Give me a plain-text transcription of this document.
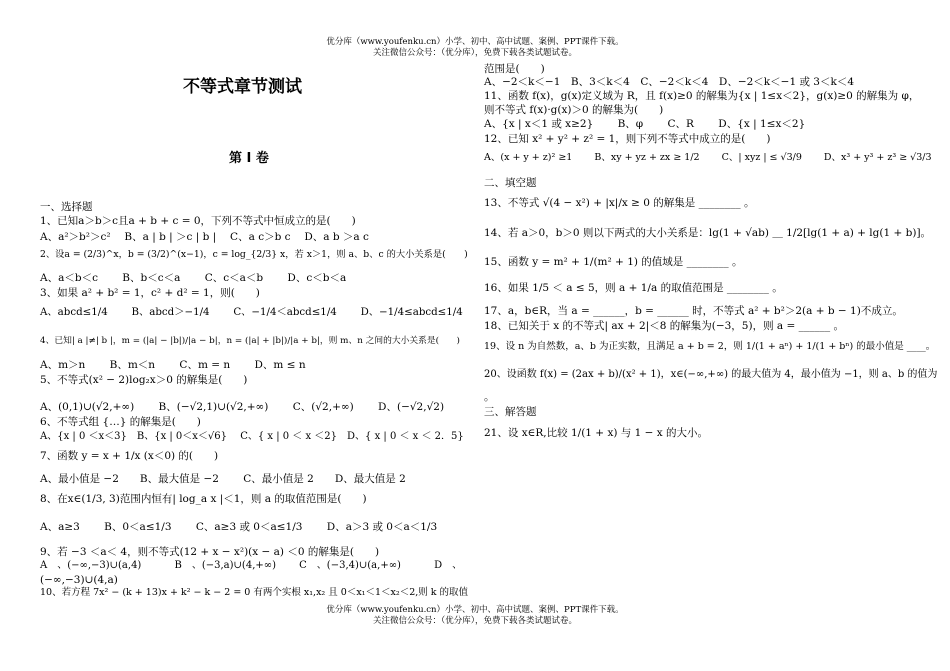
优分库（www.youfenku.cn）小学、初中、高中试题、案例、PPT课件下载。
关注微信公众号：（优分库），免费下载各类试题试卷。
不等式章节测试
第 I 卷
一、选择题
1、已知a＞b＞c且a + b + c = 0，下列不等式中恒成立的是(　　)
A、a²＞b²＞c²　 B、a | b | ＞c | b |　 C、a c＞b c　 D、a b ＞a c
2、设a = (2/3)^x，b = (3/2)^(x−1)，c = log_{2/3} x，若 x＞1，则 a、b、c 的大小关系是(　　)
A、a＜b＜c　　 B、b＜c＜a　　 C、c＜a＜b　　 D、c＜b＜a
3、如果 a² + b² = 1，c² + d² = 1，则(　　)
A、abcd≤1/4　　 B、abcd＞−1/4　　 C、−1/4＜abcd≤1/4　　 D、−1/4≤abcd≤1/4
4、已知| a |≠| b |，m = (|a| − |b|)/|a − b|，n = (|a| + |b|)/|a + b|，则 m、n 之间的大小关系是(　　)
A、m＞n　　 B、m＜n　　 C、m = n　　 D、m ≤ n
5、不等式(x² − 2)log₂x＞0 的解集是(　　)
A、(0,1)∪(√2,+∞)　　 B、(−√2,1)∪(√2,+∞)　　 C、(√2,+∞)　　 D、(−√2,√2)
6、不等式组 {…} 的解集是(　　)
A、{x | 0 ＜x＜3}　B、{x | 0＜x＜√6}　 C、{ x | 0 ＜ x ＜2}　D、{ x | 0 ＜ x ＜ 2．5}
7、函数 y = x + 1/x (x＜0) 的(　　)
A、最小值是 −2　　B、最大值是 −2　　 C、最小值是 2　　D、最大值是 2
8、在x∈(1/3, 3)范围内恒有| log_a x |＜1，则 a 的取值范围是(　　)
A、a≥3　　 B、0＜a≤1/3　　 C、a≥3 或 0＜a≤1/3　　 D、a＞3 或 0＜a＜1/3
9、若 −3 ＜a＜ 4，则不等式(12 + x − x²)(x − a) ＜0 的解集是(　　)
A　、(−∞,−3)∪(a,4)　　　 B　、(−3,a)∪(4,+∞)　　 C　、(−3,4)∪(a,+∞)　　　 D　、
(−∞,−3)∪(4,a)
10、若方程 7x² − (k + 13)x + k² − k − 2 = 0 有两个实根 x₁,x₂ 且 0＜x₁＜1＜x₂＜2,则 k 的取值
范围是(　　)
A、−2＜k＜−1　B、3＜k＜4　C、−2＜k＜4　D、−2＜k＜−1 或 3＜k＜4
11、函数 f(x)，g(x)定义域为 R，且 f(x)≥0 的解集为{x | 1≤x＜2}，g(x)≥0 的解集为 φ，
则不等式 f(x)·g(x)＞0 的解集为(　　)
A、{x | x＜1 或 x≥2}　　 B、φ　　 C、R　　 D、{x | 1≤x＜2}
12、已知 x² + y² + z² = 1，则下列不等式中成立的是(　　)
A、(x + y + z)² ≥1　　 B、xy + yz + zx ≥ 1/2　　 C、| xyz | ≤ √3/9　　 D、x³ + y³ + z³ ≥ √3/3
二、填空题
13、不等式 √(4 − x²) + |x|/x ≥ 0 的解集是 ________ 。
14、若 a＞0，b＞0 则以下两式的大小关系是：lg(1 + √ab) ＿ 1/2[lg(1 + a) + lg(1 + b)]。
15、函数 y = m² + 1/(m² + 1) 的值域是 ________ 。
16、如果 1/5 ＜ a ≤ 5，则 a + 1/a 的取值范围是 ________ 。
17、a，b∈R，当 a = ______，b = ______ 时，不等式 a² + b²＞2(a + b − 1)不成立。
18、已知关于 x 的不等式| ax + 2|＜8 的解集为(−3，5)，则 a = ______ 。
19、设 n 为自然数，a、b 为正实数，且满足 a + b = 2，则 1/(1 + aⁿ) + 1/(1 + bⁿ) 的最小值是 ____。
20、设函数 f(x) = (2ax + b)/(x² + 1)，x∈(−∞,+∞) 的最大值为 4，最小值为 −1，则 a、b 的值为
。
三、解答题
21、设 x∈R,比较 1/(1 + x) 与 1 − x 的大小。
优分库（www.youfenku.cn）小学、初中、高中试题、案例、PPT课件下载。
关注微信公众号：（优分库），免费下载各类试题试卷。
